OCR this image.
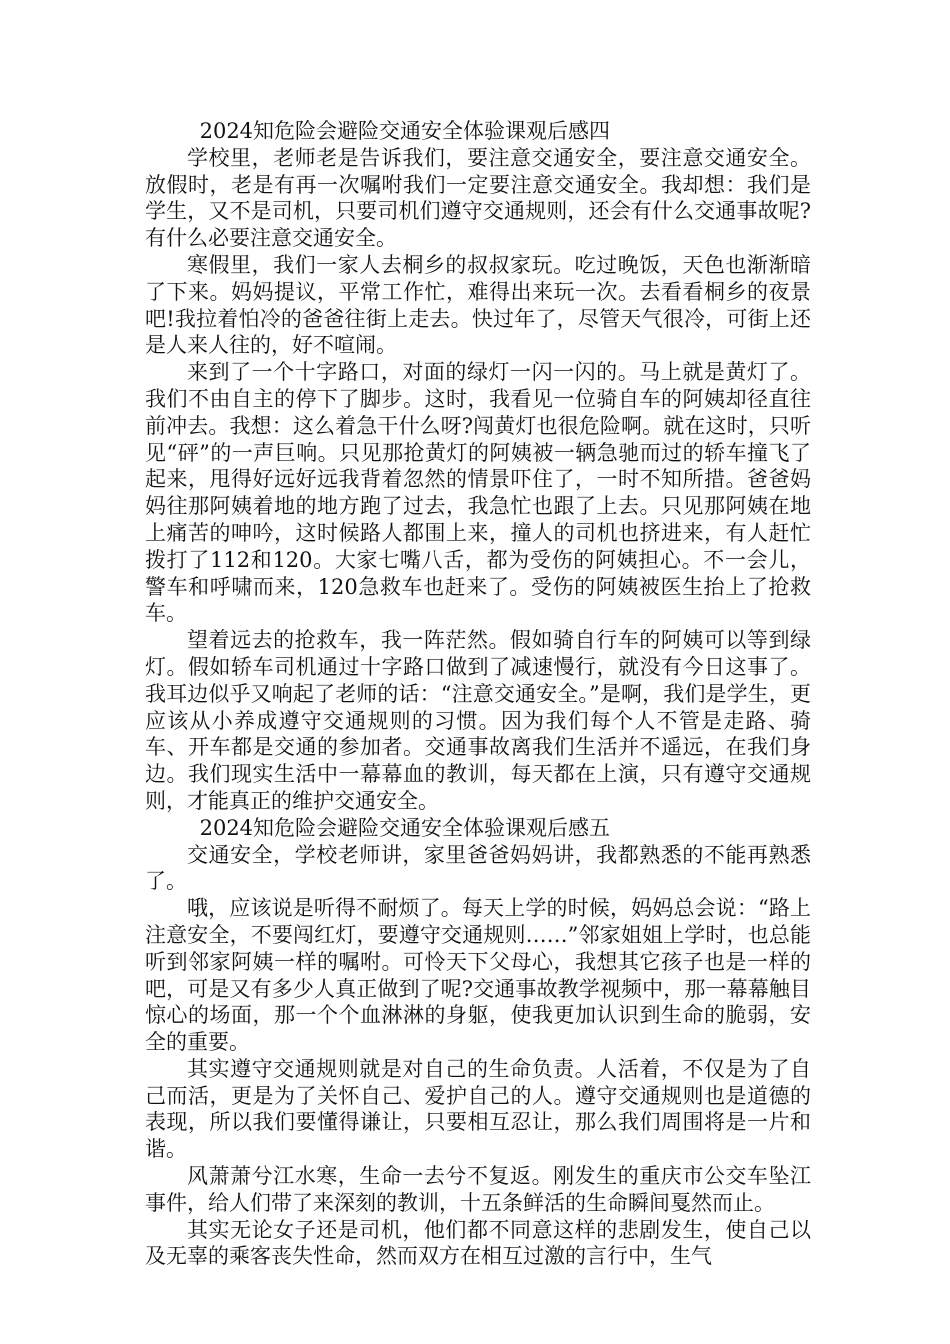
2024知危险会避险交通安全体验课观后感四

学校里，老师老是告诉我们，要注意交通安全，要注意交通安全。放假时，老是有再一次嘱咐我们一定要注意交通安全。我却想：我们是学生，又不是司机，只要司机们遵守交通规则，还会有什么交通事故呢?有什么必要注意交通安全。

寒假里，我们一家人去桐乡的叔叔家玩。吃过晚饭，天色也渐渐暗了下来。妈妈提议，平常工作忙，难得出来玩一次。去看看桐乡的夜景吧!我拉着怕冷的爸爸往街上走去。快过年了，尽管天气很冷，可街上还是人来人往的，好不喧闹。

来到了一个十字路口，对面的绿灯一闪一闪的。马上就是黄灯了。我们不由自主的停下了脚步。这时，我看见一位骑自车的阿姨却径直往前冲去。我想：这么着急干什么呀?闯黄灯也很危险啊。就在这时，只听见“砰”的一声巨响。只见那抢黄灯的阿姨被一辆急驰而过的轿车撞飞了起来，甩得好远好远我背着忽然的情景吓住了，一时不知所措。爸爸妈妈往那阿姨着地的地方跑了过去，我急忙也跟了上去。只见那阿姨在地上痛苦的呻吟，这时候路人都围上来，撞人的司机也挤进来，有人赶忙拨打了112和120。大家七嘴八舌，都为受伤的阿姨担心。不一会儿，警车和呼啸而来，120急救车也赶来了。受伤的阿姨被医生抬上了抢救车。

望着远去的抢救车，我一阵茫然。假如骑自行车的阿姨可以等到绿灯。假如轿车司机通过十字路口做到了减速慢行，就没有今日这事了。我耳边似乎又响起了老师的话：“注意交通安全。”是啊，我们是学生，更应该从小养成遵守交通规则的习惯。因为我们每个人不管是走路、骑车、开车都是交通的参加者。交通事故离我们生活并不遥远，在我们身边。我们现实生活中一幕幕血的教训，每天都在上演，只有遵守交通规则，才能真正的维护交通安全。

2024知危险会避险交通安全体验课观后感五

交通安全，学校老师讲，家里爸爸妈妈讲，我都熟悉的不能再熟悉了。

哦，应该说是听得不耐烦了。每天上学的时候，妈妈总会说：“路上注意安全，不要闯红灯，要遵守交通规则……”邻家姐姐上学时，也总能听到邻家阿姨一样的嘱咐。可怜天下父母心，我想其它孩子也是一样的吧，可是又有多少人真正做到了呢?交通事故教学视频中，那一幕幕触目惊心的场面，那一个个血淋淋的身躯，使我更加认识到生命的脆弱，安全的重要。

其实遵守交通规则就是对自己的生命负责。人活着，不仅是为了自己而活，更是为了关怀自己、爱护自己的人。遵守交通规则也是道德的表现，所以我们要懂得谦让，只要相互忍让，那么我们周围将是一片和谐。

风萧萧兮江水寒，生命一去兮不复返。刚发生的重庆市公交车坠江事件，给人们带了来深刻的教训，十五条鲜活的生命瞬间戛然而止。

其实无论女子还是司机，他们都不同意这样的悲剧发生，使自己以及无辜的乘客丧失性命，然而双方在相互过激的言行中，生气
